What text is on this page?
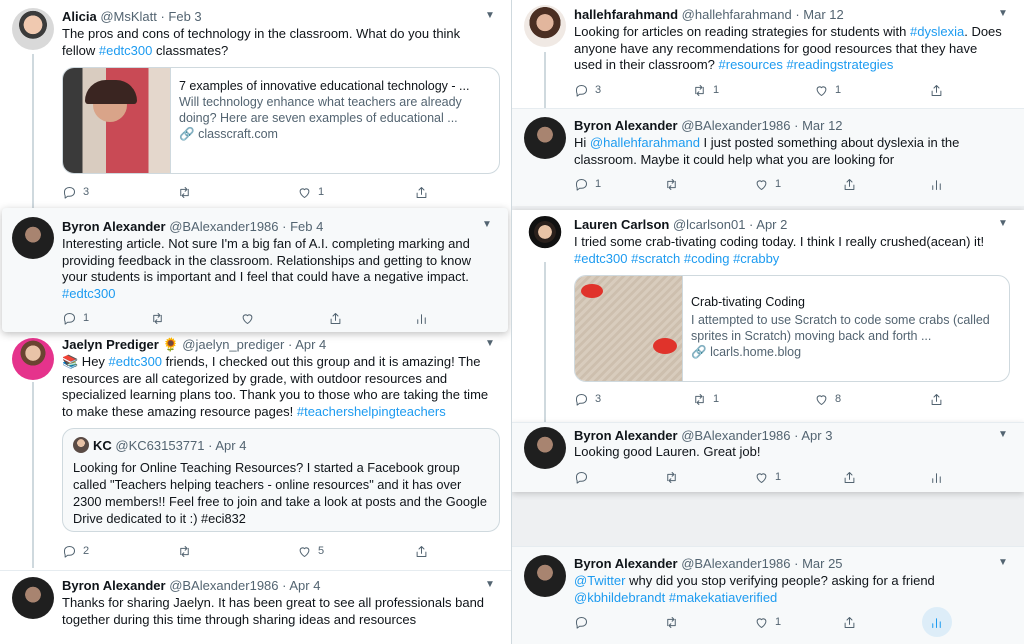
Alicia @MsKlatt · Feb 3	▼
The pros and cons of technology in the classroom. What do you think fellow #edtc300 classmates?
7 examples of innovative educational technology - ...
Will technology enhance what teachers are already doing? Here are seven examples of educational ...
🔗 classcraft.com
3	1
Byron Alexander @BAlexander1986 · Feb 4	▼
Interesting article. Not sure I'm a big fan of A.I. completing marking and providing feedback in the classroom. Relationships and getting to know your students is important and I feel that could have a negative impact. #edtc300
1
Jaelyn Prediger 🌻 @jaelyn_prediger · Apr 4	▼
📚 Hey #edtc300 friends, I checked out this group and it is amazing! The resources are all categorized by grade, with outdoor resources and specialized learning plans too. Thank you to those who are taking the time to make these amazing resource pages! #teachershelpingteachers
KC @KC63153771 · Apr 4
Looking for Online Teaching Resources? I started a Facebook group called "Teachers helping teachers - online resources" and it has over 2300 members!! Feel free to join and take a look at posts and the Google Drive dedicated to it :) #eci832
2	5
Byron Alexander @BAlexander1986 · Apr 4	▼
Thanks for sharing Jaelyn. It has been great to see all professionals band together during this time through sharing ideas and resources
hallehfarahmand @hallehfarahmand · Mar 12	▼
Looking for articles on reading strategies for students with #dyslexia. Does anyone have any recommendations for good resources that they have used in their classroom? #resources #readingstrategies
3	1	1
Byron Alexander @BAlexander1986 · Mar 12
Hi @hallehfarahmand I just posted something about dyslexia in the classroom. Maybe it could help what you are looking for
1	1
Lauren Carlson @lcarlson01 · Apr 2	▼
I tried some crab-tivating coding today. I think I really crushed(acean) it! #edtc300 #scratch #coding #crabby
Crab-tivating Coding
I attempted to use Scratch to code some crabs (called sprites in Scratch) moving back and forth ...
🔗 lcarls.home.blog
3	1	8
Byron Alexander @BAlexander1986 · Apr 3	▼
Looking good Lauren. Great job!
1
Byron Alexander @BAlexander1986 · Mar 25	▼
@Twitter why did you stop verifying people? asking for a friend @kbhildebrandt #makekatiaverified
1
